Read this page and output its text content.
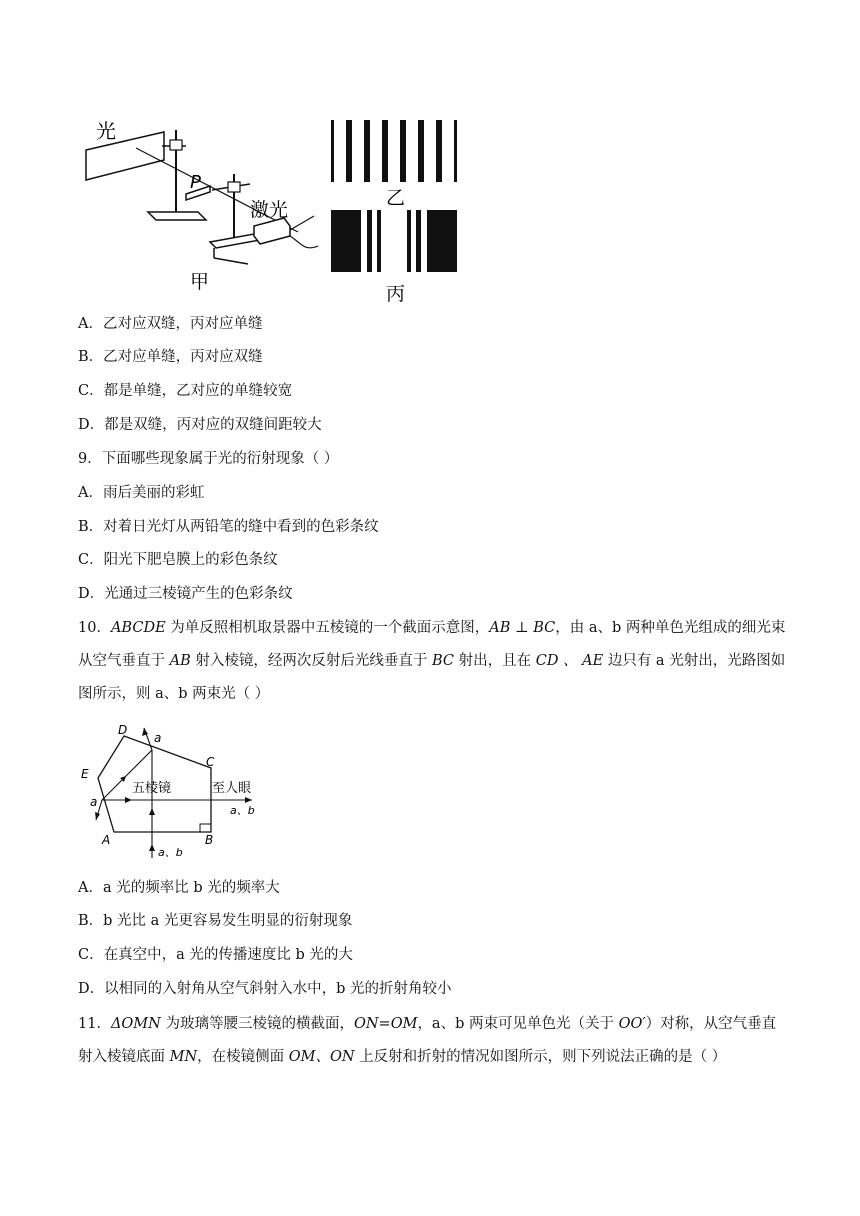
光
P
激光
甲
乙
丙
A．乙对应双缝，丙对应单缝
B．乙对应单缝，丙对应双缝
C．都是单缝，乙对应的单缝较宽
D．都是双缝，丙对应的双缝间距较大
9．下面哪些现象属于光的衍射现象（ ）
A．雨后美丽的彩虹
B．对着日光灯从两铅笔的缝中看到的色彩条纹
C．阳光下肥皂膜上的彩色条纹
D．光通过三棱镜产生的色彩条纹
10．ABCDE 为单反照相机取景器中五棱镜的一个截面示意图，AB ⊥ BC，由 a、b 两种单色光组成的细光束从空气垂直于 AB 射入棱镜，经两次反射后光线垂直于 BC 射出，且在 CD 、 AE 边只有 a 光射出，光路图如图所示，则 a、b 两束光（ ）
D
E
A	B
C
a
a
五棱镜	至人眼
a、b
a、b
A．a 光的频率比 b 光的频率大
B．b 光比 a 光更容易发生明显的衍射现象
C．在真空中，a 光的传播速度比 b 光的大
D．以相同的入射角从空气斜射入水中，b 光的折射角较小
11．ΔOMN 为玻璃等腰三棱镜的横截面，ON=OM，a、b 两束可见单色光（关于 OO′）对称，从空气垂直
射入棱镜底面 MN，在棱镜侧面 OM、ON 上反射和折射的情况如图所示，则下列说法正确的是（ ）
